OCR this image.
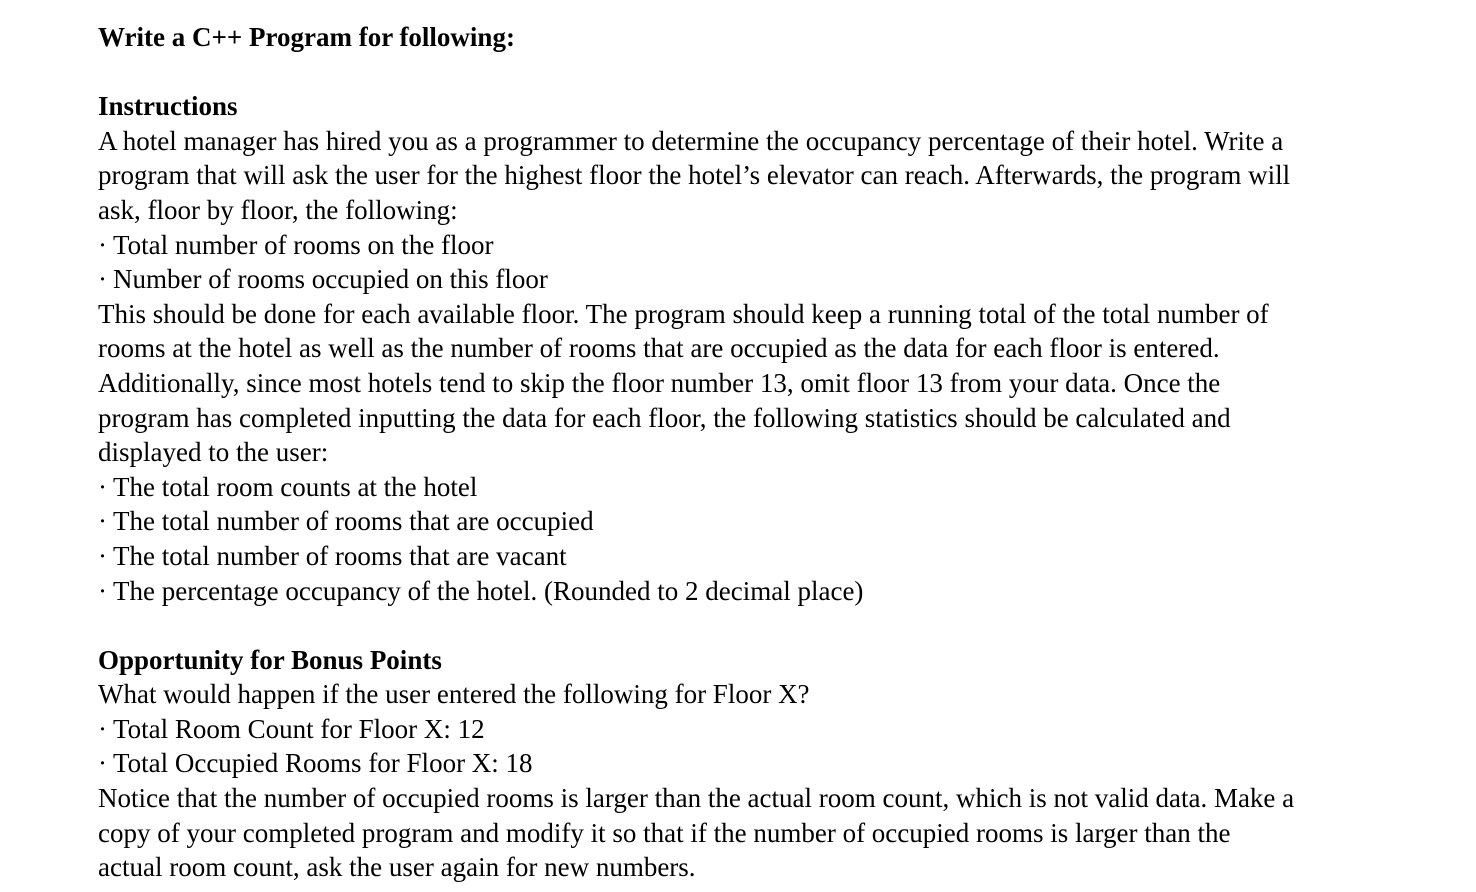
Write a C++ Program for following:
Instructions
A hotel manager has hired you as a programmer to determine the occupancy percentage of their hotel. Write a
program that will ask the user for the highest floor the hotel’s elevator can reach. Afterwards, the program will
ask, floor by floor, the following:
· Total number of rooms on the floor
· Number of rooms occupied on this floor
This should be done for each available floor. The program should keep a running total of the total number of
rooms at the hotel as well as the number of rooms that are occupied as the data for each floor is entered.
Additionally, since most hotels tend to skip the floor number 13, omit floor 13 from your data. Once the
program has completed inputting the data for each floor, the following statistics should be calculated and
displayed to the user:
· The total room counts at the hotel
· The total number of rooms that are occupied
· The total number of rooms that are vacant
· The percentage occupancy of the hotel. (Rounded to 2 decimal place)
Opportunity for Bonus Points
What would happen if the user entered the following for Floor X?
· Total Room Count for Floor X: 12
· Total Occupied Rooms for Floor X: 18
Notice that the number of occupied rooms is larger than the actual room count, which is not valid data. Make a
copy of your completed program and modify it so that if the number of occupied rooms is larger than the
actual room count, ask the user again for new numbers.
